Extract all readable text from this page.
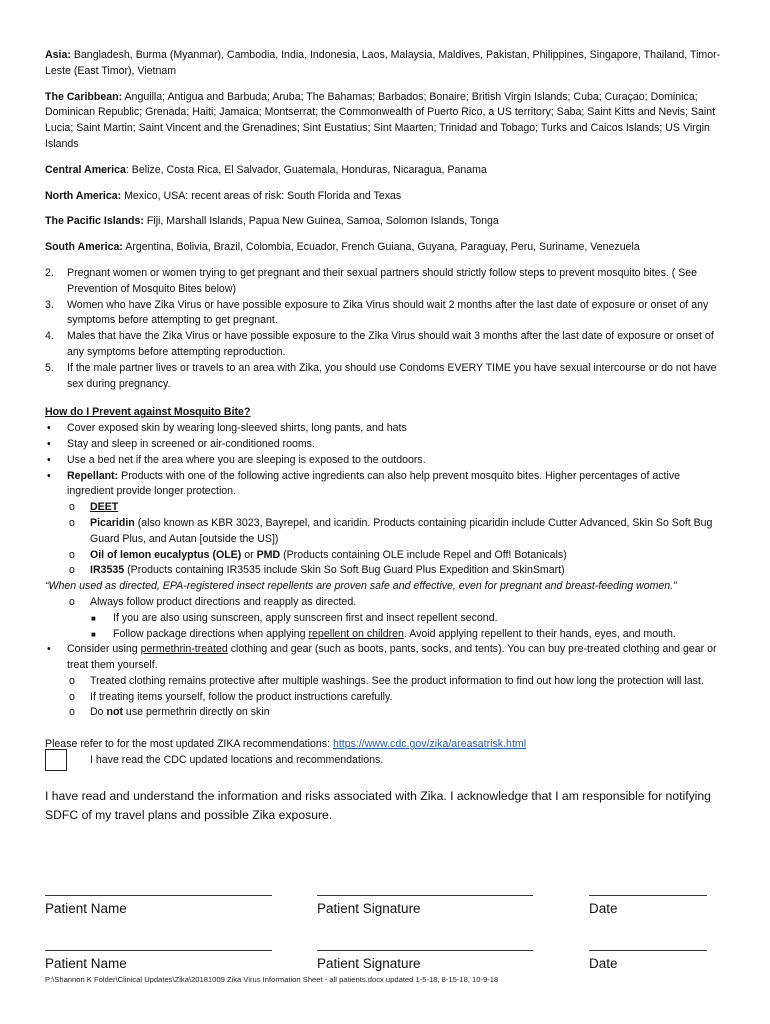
Asia: Bangladesh, Burma (Myanmar), Cambodia, India, Indonesia, Laos, Malaysia, Maldives, Pakistan, Philippines, Singapore, Thailand, Timor-Leste (East Timor), Vietnam

The Caribbean: Anguilla; Antigua and Barbuda; Aruba; The Bahamas; Barbados; Bonaire; British Virgin Islands; Cuba; Curaçao; Dominica; Dominican Republic; Grenada; Haiti; Jamaica; Montserrat; the Commonwealth of Puerto Rico, a US territory; Saba; Saint Kitts and Nevis; Saint Lucia; Saint Martin; Saint Vincent and the Grenadines; Sint Eustatius; Sint Maarten; Trinidad and Tobago; Turks and Caicos Islands; US Virgin Islands

Central America: Belize, Costa Rica, El Salvador, Guatemala, Honduras, Nicaragua, Panama

North America: Mexico, USA: recent areas of risk: South Florida and Texas

The Pacific Islands: Fiji, Marshall Islands, Papua New Guinea, Samoa, Solomon Islands, Tonga

South America: Argentina, Bolivia, Brazil, Colombia, Ecuador, French Guiana, Guyana, Paraguay, Peru, Suriname, Venezuela

2. Pregnant women or women trying to get pregnant and their sexual partners should strictly follow steps to prevent mosquito bites. ( See Prevention of Mosquito Bites below)
3. Women who have Zika Virus or have possible exposure to Zika Virus should wait 2 months after the last date of exposure or onset of any symptoms before attempting to get pregnant.
4. Males that have the Zika Virus or have possible exposure to the Zika Virus should wait 3 months after the last date of exposure or onset of any symptoms before attempting reproduction.
5. If the male partner lives or travels to an area with Zika, you should use Condoms EVERY TIME you have sexual intercourse or do not have sex during pregnancy.
How do I Prevent against Mosquito Bite?
• Cover exposed skin by wearing long-sleeved shirts, long pants, and hats
• Stay and sleep in screened or air-conditioned rooms.
• Use a bed net if the area where you are sleeping is exposed to the outdoors.
• Repellant: Products with one of the following active ingredients can also help prevent mosquito bites. Higher percentages of active ingredient provide longer protection.
o DEET
o Picaridin (also known as KBR 3023, Bayrepel, and icaridin. Products containing picaridin include Cutter Advanced, Skin So Soft Bug Guard Plus, and Autan [outside the US])
o Oil of lemon eucalyptus (OLE) or PMD (Products containing OLE include Repel and Off! Botanicals)
o IR3535 (Products containing IR3535 include Skin So Soft Bug Guard Plus Expedition and SkinSmart)
“When used as directed, EPA-registered insect repellents are proven safe and effective, even for pregnant and breast-feeding women.”
o Always follow product directions and reapply as directed.
■ If you are also using sunscreen, apply sunscreen first and insect repellent second.
■ Follow package directions when applying repellent on children. Avoid applying repellent to their hands, eyes, and mouth.
• Consider using permethrin-treated clothing and gear (such as boots, pants, socks, and tents). You can buy pre-treated clothing and gear or treat them yourself.
o Treated clothing remains protective after multiple washings. See the product information to find out how long the protection will last.
o If treating items yourself, follow the product instructions carefully.
o Do not use permethrin directly on skin
Please refer to for the most updated ZIKA recommendations: https://www.cdc.gov/zika/areasatrisk.html
I have read the CDC updated locations and recommendations.

I have read and understand the information and risks associated with Zika. I acknowledge that I am responsible for notifying SDFC of my travel plans and possible Zika exposure.

Patient Name	Patient Signature	Date
Patient Name	Patient Signature	Date
P:\Shannon K Folder\Clinical Updates\Zika\20181009 Zika Virus Information Sheet - all patients.docx updated 1-5-18, 8-15-18, 10-9-18
